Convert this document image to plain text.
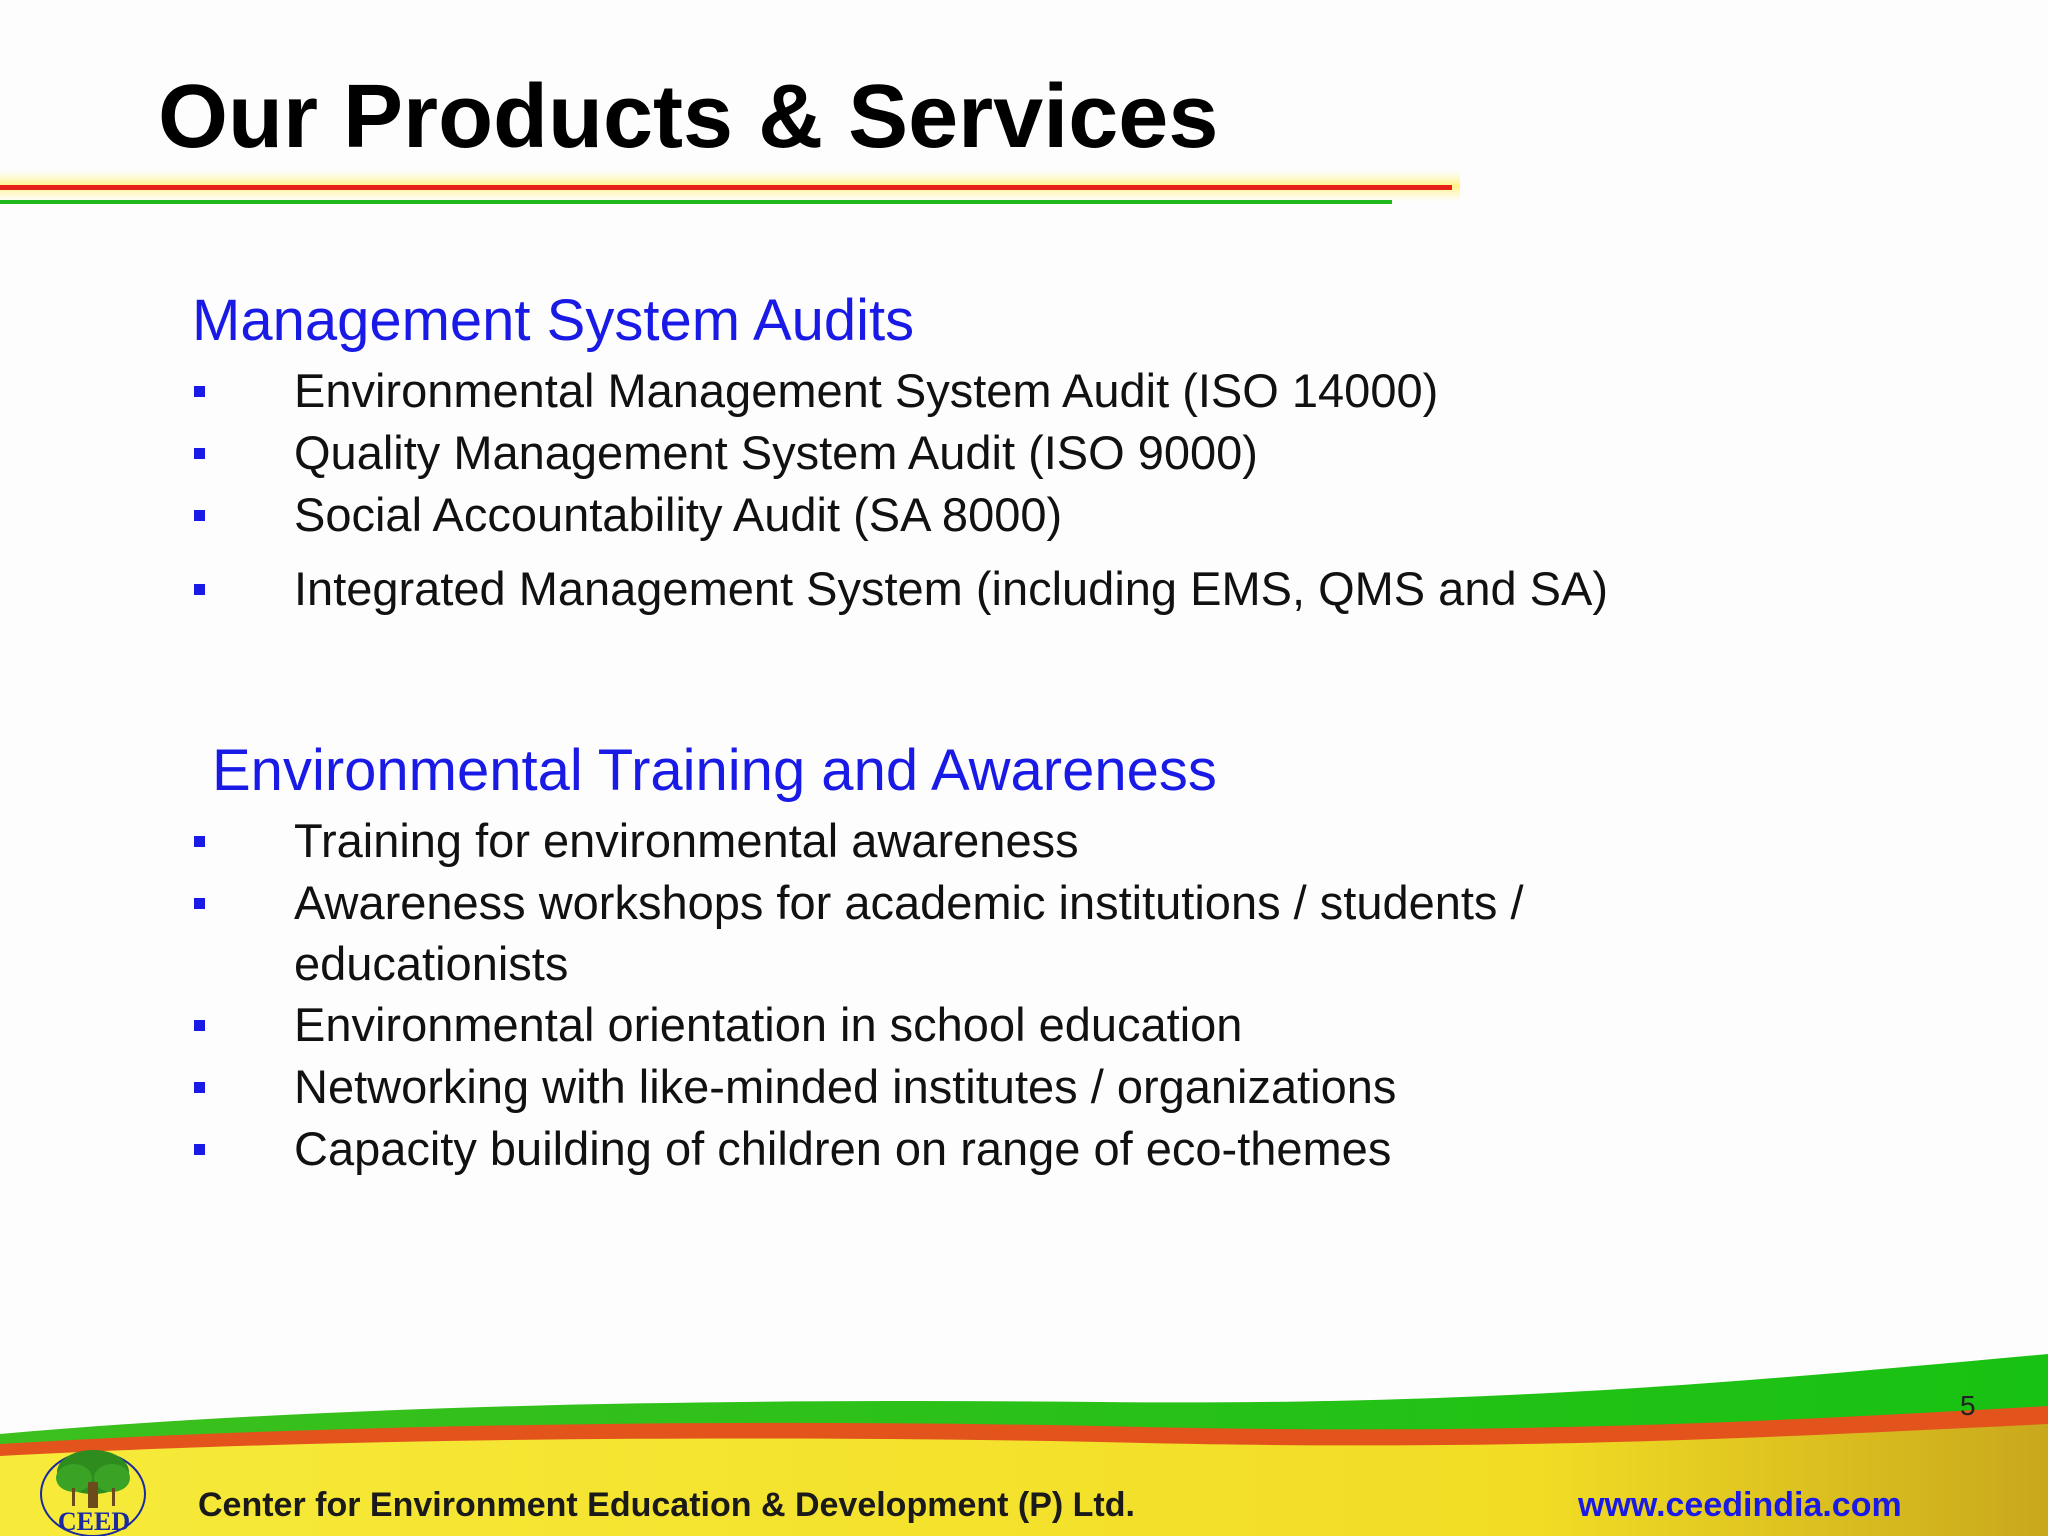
Our Products & Services
Management System Audits
Environmental Management System Audit (ISO 14000)
Quality Management System Audit (ISO 9000)
Social Accountability Audit (SA 8000)
Integrated Management System (including EMS, QMS and SA)
Environmental Training and Awareness
Training for environmental awareness
Awareness workshops for academic institutions / students /
educationists
Environmental orientation in school education
Networking with like-minded institutes / organizations
Capacity building of children on range of eco-themes
5
CEED	Center for Environment Education & Development (P) Ltd.	www.ceedindia.com
